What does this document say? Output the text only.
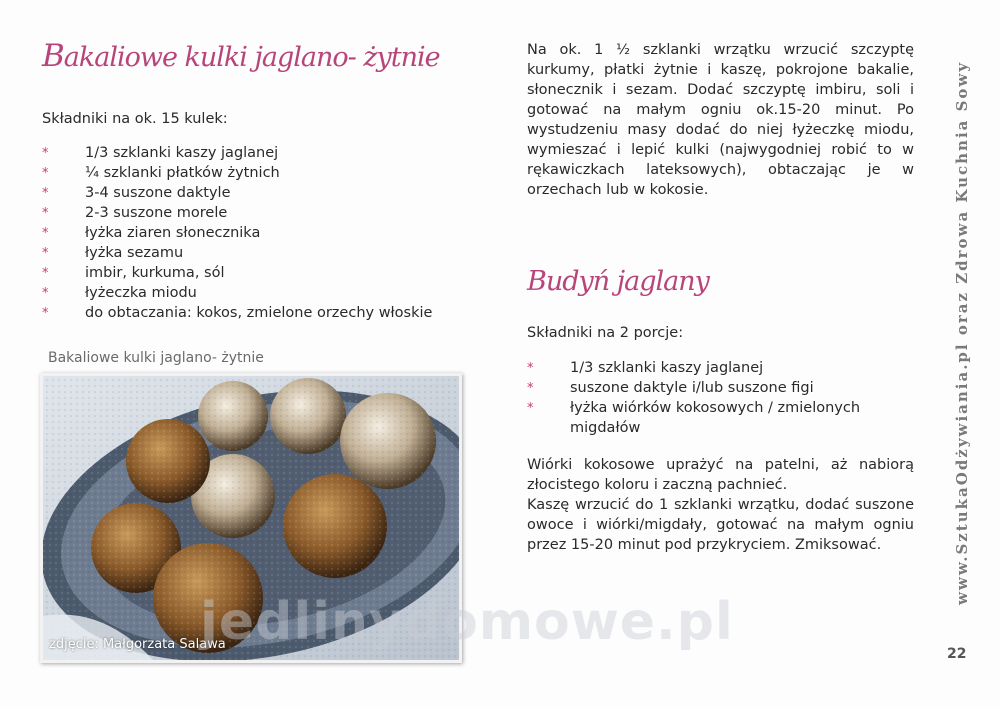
Bakaliowe kulki jaglano- żytnie

Składniki na ok. 15 kulek:

*	1/3 szklanki kaszy jaglanej
*	¼ szklanki płatków żytnich
*	3-4 suszone daktyle
*	2-3 suszone morele
*	łyżka ziaren słonecznika
*	łyżka sezamu
*	imbir, kurkuma, sól
*	łyżeczka miodu
*	do obtaczania: kokos, zmielone orzechy włoskie
Bakaliowe kulki jaglano- żytnie
zdjęcie: Małgorzata Salawa

Na ok. 1 ½ szklanki wrzątku wrzucić szczyptę kurkumy, płatki żytnie i kaszę, pokrojone bakalie, słonecznik i sezam. Dodać szczyptę imbiru, soli i gotować na małym ogniu ok.15-20 minut. Po wystudzeniu masy dodać do niej łyżeczkę miodu, wymieszać i lepić kulki (najwygodniej robić to w rękawiczkach lateksowych), obtaczając je w orzechach lub w kokosie.

Budyń jaglany

Składniki na 2 porcje:

*	1/3 szklanki kaszy jaglanej
*	suszone daktyle i/lub suszone figi
*	łyżka wiórków kokosowych / zmielonych migdałów

Wiórki kokosowe uprażyć na patelni, aż nabiorą złocistego koloru i zaczną pachnieć.

Kaszę wrzucić do 1 szklanki wrzątku, dodać suszone owoce i wiórki/migdały, gotować na małym ogniu przez 15-20 minut pod przykryciem. Zmiksować.

jedlinydomowe.pl
www.SztukaOdżywiania.pl oraz Zdrowa Kuchnia Sowy
22
